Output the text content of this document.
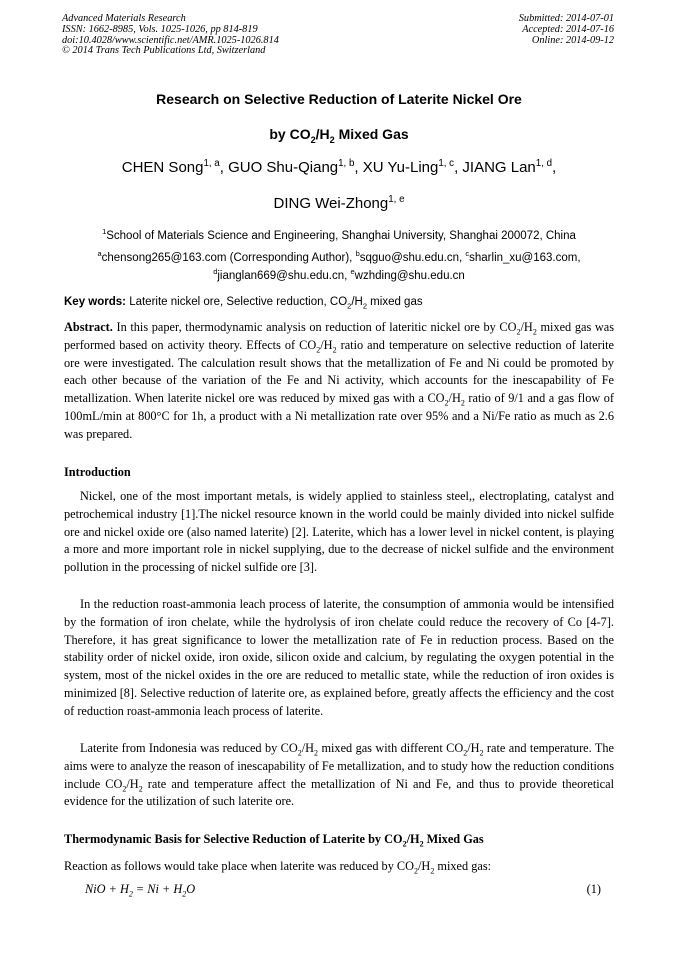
Advanced Materials Research
ISSN: 1662-8985, Vols. 1025-1026, pp 814-819
doi:10.4028/www.scientific.net/AMR.1025-1026.814
© 2014 Trans Tech Publications Ltd, Switzerland
Submitted: 2014-07-01
Accepted: 2014-07-16
Online: 2014-09-12
Research on Selective Reduction of Laterite Nickel Ore
by $CO_2/H_2$ Mixed Gas
CHEN Song$^{1, a}$, GUO Shu-Qiang$^{1, b}$, XU Yu-Ling$^{1, c}$, JIANG Lan$^{1, d}$,
DING Wei-Zhong$^{1, e}$
$^1$School of Materials Science and Engineering, Shanghai University, Shanghai 200072, China
$^a$chensong265@163.com (Corresponding Author), $^b$sqguo@shu.edu.cn, $^c$sharlin_xu@163.com,
$^d$jianglan669@shu.edu.cn, $^e$wzhding@shu.edu.cn
Key words: Laterite nickel ore, Selective reduction, $CO_2/H_2$ mixed gas
Abstract. In this paper, thermodynamic analysis on reduction of lateritic nickel ore by $CO_2/H_2$ mixed gas was performed based on activity theory. Effects of $CO_2/H_2$ ratio and temperature on selective reduction of laterite ore were investigated. The calculation result shows that the metallization of Fe and Ni could be promoted by each other because of the variation of the Fe and Ni activity, which accounts for the inescapability of Fe metallization. When laterite nickel ore was reduced by mixed gas with a $CO_2/H_2$ ratio of 9/1 and a gas flow of 100mL/min at 800°C for 1h, a product with a Ni metallization rate over 95% and a Ni/Fe ratio as much as 2.6 was prepared.
Introduction
Nickel, one of the most important metals, is widely applied to stainless steel,, electroplating, catalyst and petrochemical industry [1].The nickel resource known in the world could be mainly divided into nickel sulfide ore and nickel oxide ore (also named laterite) [2]. Laterite, which has a lower level in nickel content, is playing a more and more important role in nickel supplying, due to the decrease of nickel sulfide and the environment pollution in the processing of nickel sulfide ore [3].
In the reduction roast-ammonia leach process of laterite, the consumption of ammonia would be intensified by the formation of iron chelate, while the hydrolysis of iron chelate could reduce the recovery of Co [4-7]. Therefore, it has great significance to lower the metallization rate of Fe in reduction process. Based on the stability order of nickel oxide, iron oxide, silicon oxide and calcium, by regulating the oxygen potential in the system, most of the nickel oxides in the ore are reduced to metallic state, while the reduction of iron oxides is minimized [8]. Selective reduction of laterite ore, as explained before, greatly affects the efficiency and the cost of reduction roast-ammonia leach process of laterite.
Laterite from Indonesia was reduced by $CO_2/H_2$ mixed gas with different $CO_2/H_2$ rate and temperature. The aims were to analyze the reason of inescapability of Fe metallization, and to study how the reduction conditions include $CO_2/H_2$ rate and temperature affect the metallization of Ni and Fe, and thus to provide theoretical evidence for the utilization of such laterite ore.
Thermodynamic Basis for Selective Reduction of Laterite by $CO_2/H_2$ Mixed Gas
Reaction as follows would take place when laterite was reduced by $CO_2/H_2$ mixed gas:
NiO + $H_2 = Ni + H_2O$	(1)
